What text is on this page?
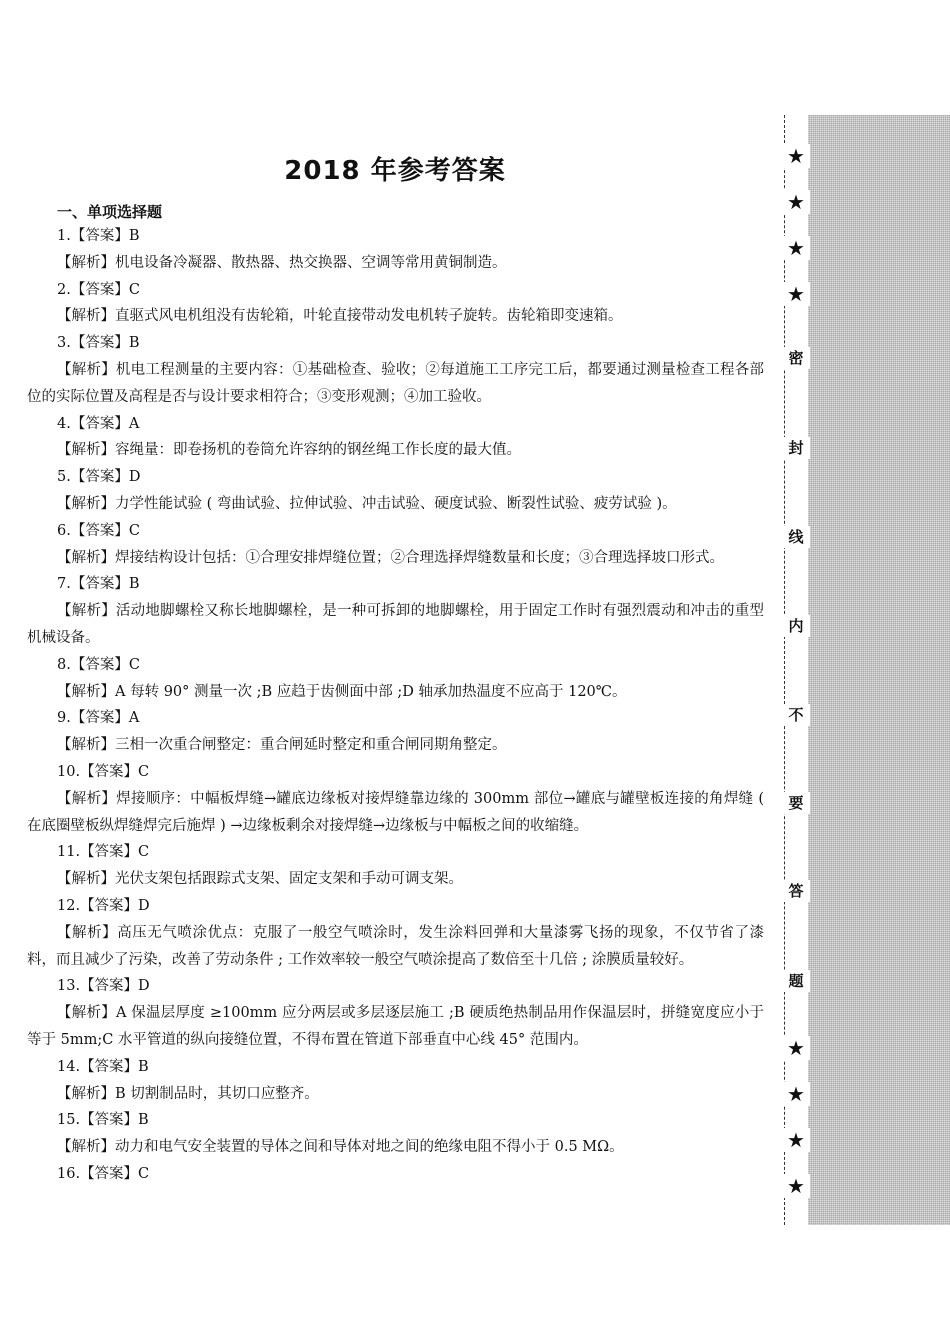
2018 年参考答案
一、单项选择题
1.【答案】B
【解析】机电设备冷凝器、散热器、热交换器、空调等常用黄铜制造。
2.【答案】C
【解析】直驱式风电机组没有齿轮箱，叶轮直接带动发电机转子旋转。齿轮箱即变速箱。
3.【答案】B
【解析】机电工程测量的主要内容：①基础检查、验收；②每道施工工序完工后，都要通过测量检查工程各部位的实际位置及高程是否与设计要求相符合；③变形观测；④加工验收。
4.【答案】A
【解析】容绳量：即卷扬机的卷筒允许容纳的钢丝绳工作长度的最大值。
5.【答案】D
【解析】力学性能试验 ( 弯曲试验、拉伸试验、冲击试验、硬度试验、断裂性试验、疲劳试验 )。
6.【答案】C
【解析】焊接结构设计包括：①合理安排焊缝位置；②合理选择焊缝数量和长度；③合理选择坡口形式。
7.【答案】B
【解析】活动地脚螺栓又称长地脚螺栓，是一种可拆卸的地脚螺栓，用于固定工作时有强烈震动和冲击的重型机械设备。
8.【答案】C
【解析】A 每转 90° 测量一次 ;B 应趋于齿侧面中部 ;D 轴承加热温度不应高于 120℃。
9.【答案】A
【解析】三相一次重合闸整定：重合闸延时整定和重合闸同期角整定。
10.【答案】C
【解析】焊接顺序：中幅板焊缝→罐底边缘板对接焊缝靠边缘的 300mm 部位→罐底与罐壁板连接的角焊缝 ( 在底圈壁板纵焊缝焊完后施焊 ) →边缘板剩余对接焊缝→边缘板与中幅板之间的收缩缝。
11.【答案】C
【解析】光伏支架包括跟踪式支架、固定支架和手动可调支架。
12.【答案】D
【解析】高压无气喷涂优点：克服了一般空气喷涂时，发生涂料回弹和大量漆雾飞扬的现象，不仅节省了漆料，而且减少了污染，改善了劳动条件 ; 工作效率较一般空气喷涂提高了数倍至十几倍 ; 涂膜质量较好。
13.【答案】D
【解析】A 保温层厚度 ≥100mm 应分两层或多层逐层施工 ;B 硬质绝热制品用作保温层时，拼缝宽度应小于等于 5mm;C 水平管道的纵向接缝位置，不得布置在管道下部垂直中心线 45° 范围内。
14.【答案】B
【解析】B 切割制品时，其切口应整齐。
15.【答案】B
【解析】动力和电气安全装置的导体之间和导体对地之间的绝缘电阻不得小于 0.5 MΩ。
16.【答案】C
★
★
★
★
密
封
线
内
不
要
答
题
★
★
★
★
